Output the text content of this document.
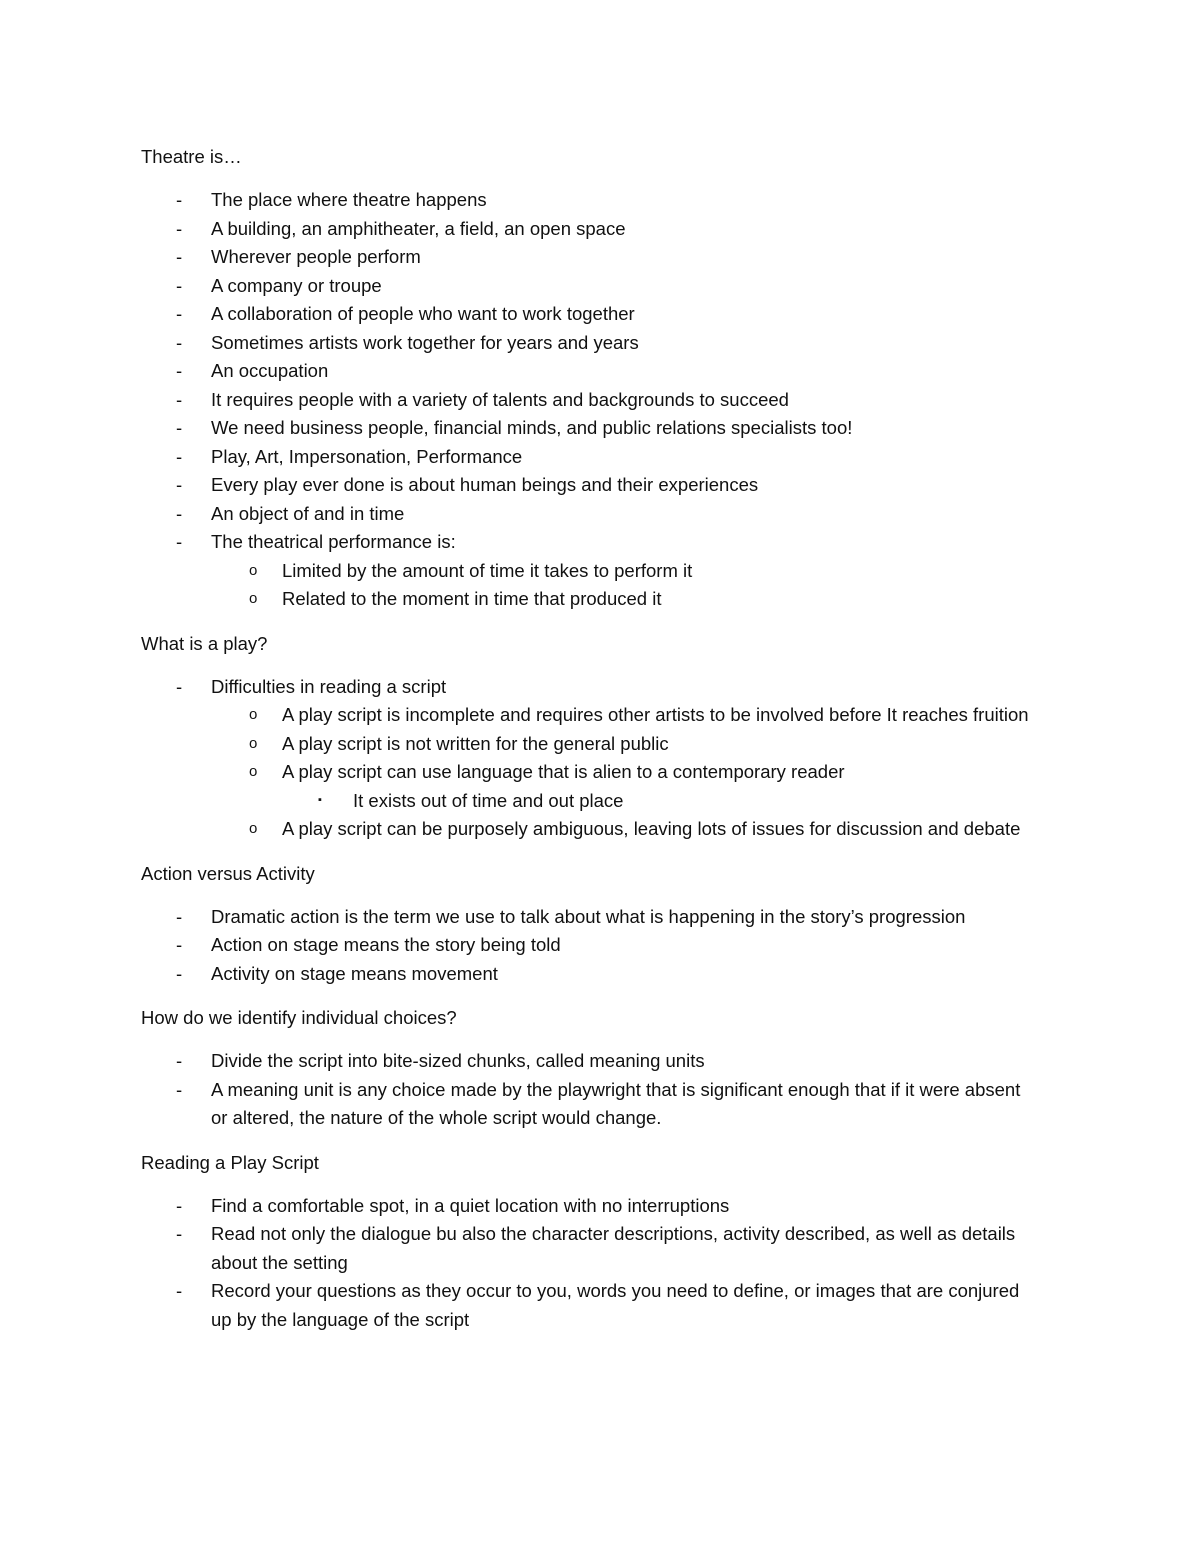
Theatre is…
- The place where theatre happens
- A building, an amphitheater, a field, an open space
- Wherever people perform
- A company or troupe
- A collaboration of people who want to work together
- Sometimes artists work together for years and years
- An occupation
- It requires people with a variety of talents and backgrounds to succeed
- We need business people, financial minds, and public relations specialists too!
- Play, Art, Impersonation, Performance
- Every play ever done is about human beings and their experiences
- An object of and in time
- The theatrical performance is:
o Limited by the amount of time it takes to perform it
o Related to the moment in time that produced it
What is a play?
- Difficulties in reading a script
o A play script is incomplete and requires other artists to be involved before It reaches fruition
o A play script is not written for the general public
o A play script can use language that is alien to a contemporary reader
▪ It exists out of time and out place
o A play script can be purposely ambiguous, leaving lots of issues for discussion and debate
Action versus Activity
- Dramatic action is the term we use to talk about what is happening in the story’s progression
- Action on stage means the story being told
- Activity on stage means movement
How do we identify individual choices?
- Divide the script into bite-sized chunks, called meaning units
- A meaning unit is any choice made by the playwright that is significant enough that if it were absent or altered, the nature of the whole script would change.
Reading a Play Script
- Find a comfortable spot, in a quiet location with no interruptions
- Read not only the dialogue bu also the character descriptions, activity described, as well as details about the setting
- Record your questions as they occur to you, words you need to define, or images that are conjured up by the language of the script
